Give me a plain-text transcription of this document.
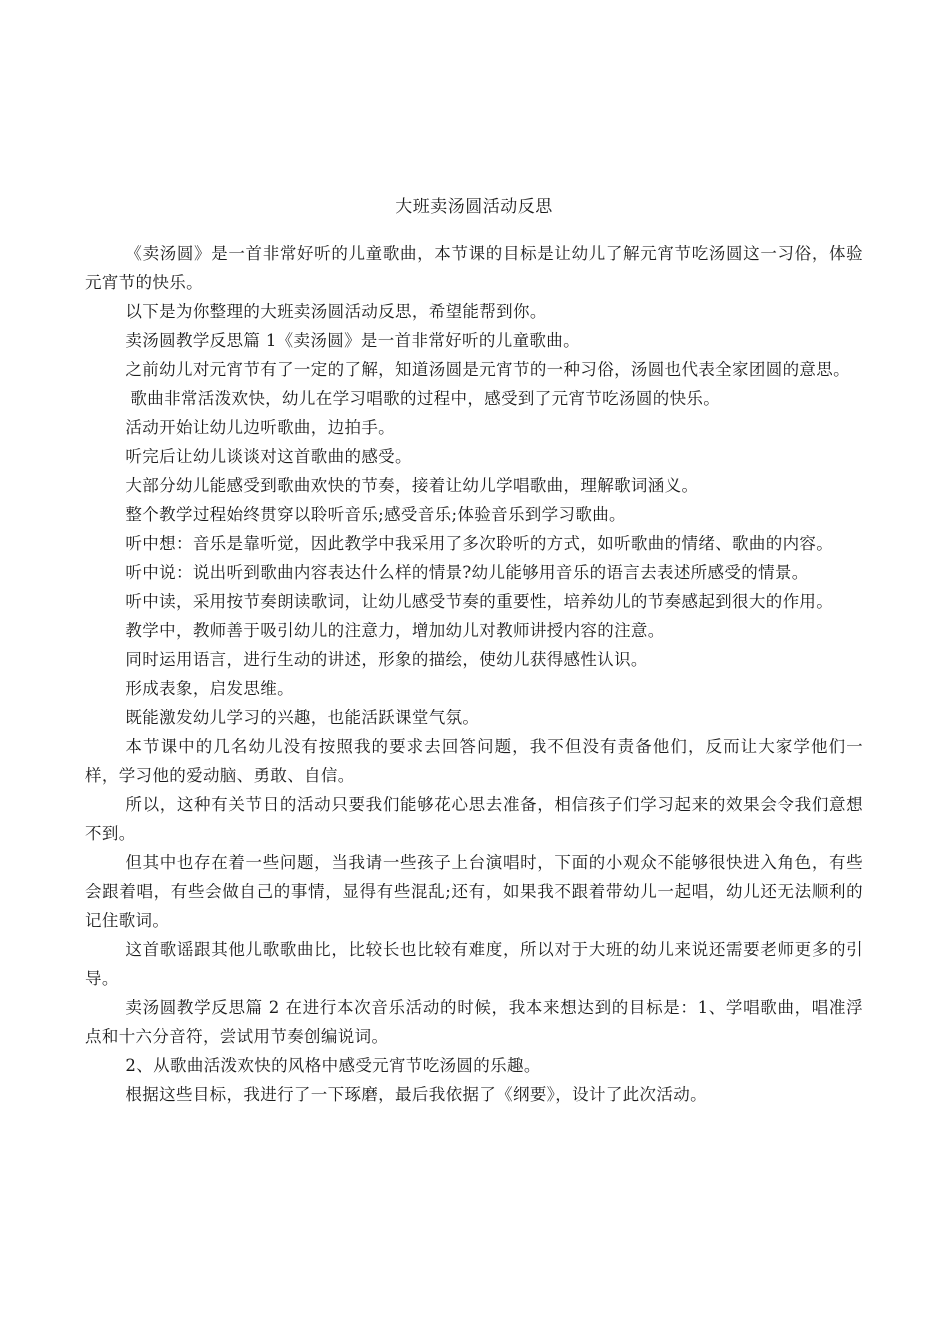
大班卖汤圆活动反思

《卖汤圆》是一首非常好听的儿童歌曲，本节课的目标是让幼儿了解元宵节吃汤圆这一习俗，体验元宵节的快乐。

以下是为你整理的大班卖汤圆活动反思，希望能帮到你。

卖汤圆教学反思篇 1《卖汤圆》是一首非常好听的儿童歌曲。

之前幼儿对元宵节有了一定的了解，知道汤圆是元宵节的一种习俗，汤圆也代表全家团圆的意思。

歌曲非常活泼欢快，幼儿在学习唱歌的过程中，感受到了元宵节吃汤圆的快乐。

活动开始让幼儿边听歌曲，边拍手。

听完后让幼儿谈谈对这首歌曲的感受。

大部分幼儿能感受到歌曲欢快的节奏，接着让幼儿学唱歌曲，理解歌词涵义。

整个教学过程始终贯穿以聆听音乐;感受音乐;体验音乐到学习歌曲。

听中想：音乐是靠听觉，因此教学中我采用了多次聆听的方式，如听歌曲的情绪、歌曲的内容。

听中说：说出听到歌曲内容表达什么样的情景?幼儿能够用音乐的语言去表述所感受的情景。

听中读，采用按节奏朗读歌词，让幼儿感受节奏的重要性，培养幼儿的节奏感起到很大的作用。

教学中，教师善于吸引幼儿的注意力，增加幼儿对教师讲授内容的注意。

同时运用语言，进行生动的讲述，形象的描绘，使幼儿获得感性认识。

形成表象，启发思维。

既能激发幼儿学习的兴趣，也能活跃课堂气氛。

本节课中的几名幼儿没有按照我的要求去回答问题，我不但没有责备他们，反而让大家学他们一样，学习他的爱动脑、勇敢、自信。

所以，这种有关节日的活动只要我们能够花心思去准备，相信孩子们学习起来的效果会令我们意想不到。

但其中也存在着一些问题，当我请一些孩子上台演唱时，下面的小观众不能够很快进入角色，有些会跟着唱，有些会做自己的事情，显得有些混乱;还有，如果我不跟着带幼儿一起唱，幼儿还无法顺利的记住歌词。

这首歌谣跟其他儿歌歌曲比，比较长也比较有难度，所以对于大班的幼儿来说还需要老师更多的引导。

卖汤圆教学反思篇 2 在进行本次音乐活动的时候，我本来想达到的目标是：1、学唱歌曲，唱准浮点和十六分音符，尝试用节奏创编说词。

2、从歌曲活泼欢快的风格中感受元宵节吃汤圆的乐趣。

根据这些目标，我进行了一下琢磨，最后我依据了《纲要》，设计了此次活动。
